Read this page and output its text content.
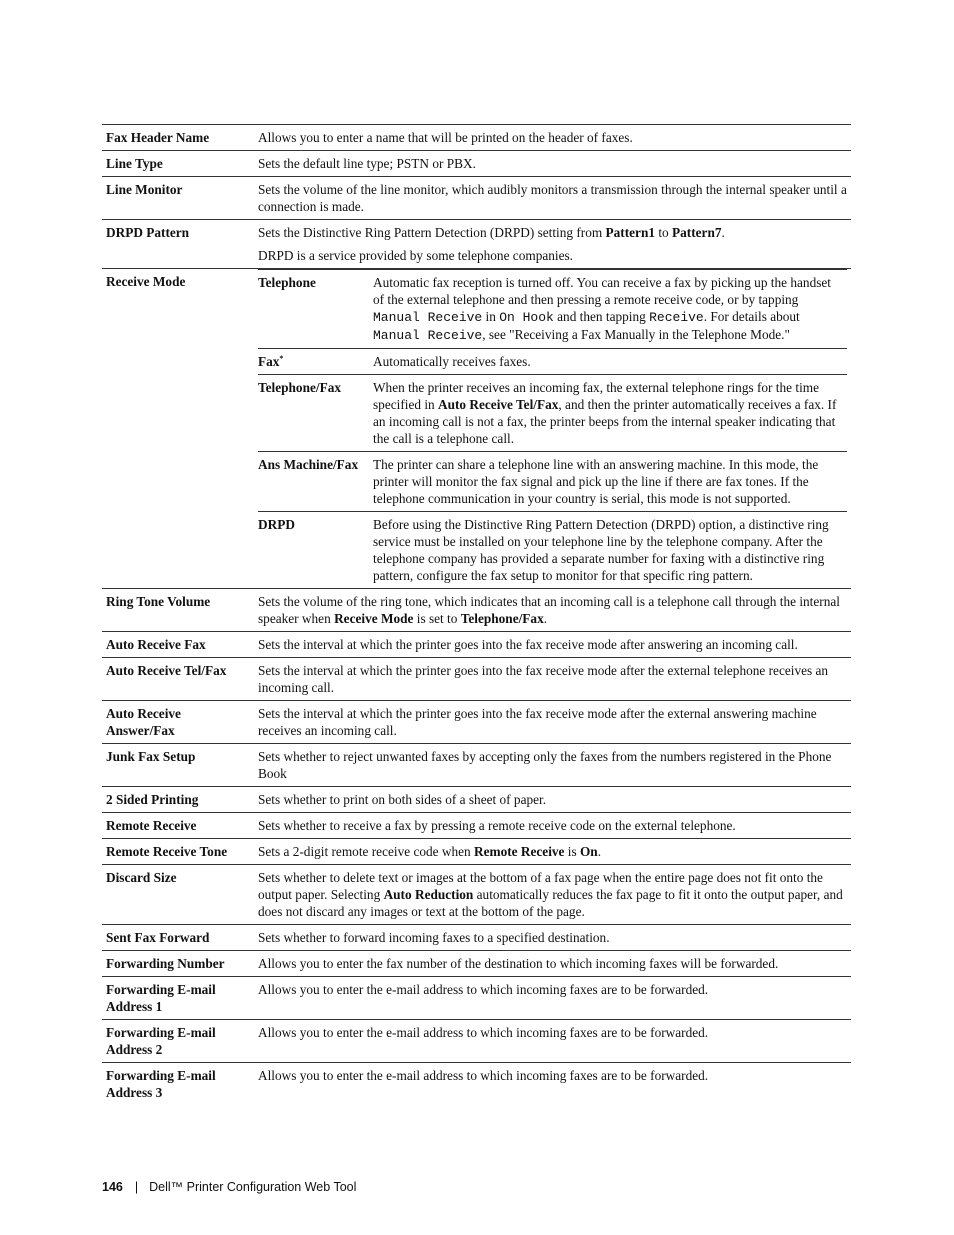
Fax Header Name	Allows you to enter a name that will be printed on the header of faxes.
Line Type	Sets the default line type; PSTN or PBX.
Line Monitor	Sets the volume of the line monitor, which audibly monitors a transmission through the internal speaker until a connection is made.
DRPD Pattern	Sets the Distinctive Ring Pattern Detection (DRPD) setting from Pattern1 to Pattern7.
DRPD is a service provided by some telephone companies.

Receive Mode		Telephone	Automatic fax reception is turned off. You can receive a fax by picking up the handset of the external telephone and then pressing a remote receive code, or by tapping Manual Receive in On Hook and then tapping Receive. For details about Manual Receive, see "Receiving a Fax Manually in the Telephone Mode."
Fax*	Automatically receives faxes.
Telephone/Fax	When the printer receives an incoming fax, the external telephone rings for the time specified in Auto Receive Tel/Fax, and then the printer automatically receives a fax. If an incoming call is not a fax, the printer beeps from the internal speaker indicating that the call is a telephone call.
Ans Machine/Fax	The printer can share a telephone line with an answering machine. In this mode, the printer will monitor the fax signal and pick up the line if there are fax tones. If the telephone communication in your country is serial, this mode is not supported.
DRPD	Before using the Distinctive Ring Pattern Detection (DRPD) option, a distinctive ring service must be installed on your telephone line by the telephone company. After the telephone company has provided a separate number for faxing with a distinctive ring pattern, configure the fax setup to monitor for that specific ring pattern.

Ring Tone Volume	Sets the volume of the ring tone, which indicates that an incoming call is a telephone call through the internal speaker when Receive Mode is set to Telephone/Fax.
Auto Receive Fax	Sets the interval at which the printer goes into the fax receive mode after answering an incoming call.
Auto Receive Tel/Fax	Sets the interval at which the printer goes into the fax receive mode after the external telephone receives an incoming call.
Auto Receive Answer/Fax	Sets the interval at which the printer goes into the fax receive mode after the external answering machine receives an incoming call.
Junk Fax Setup	Sets whether to reject unwanted faxes by accepting only the faxes from the numbers registered in the Phone Book
2 Sided Printing	Sets whether to print on both sides of a sheet of paper.
Remote Receive	Sets whether to receive a fax by pressing a remote receive code on the external telephone.
Remote Receive Tone	Sets a 2-digit remote receive code when Remote Receive is On.
Discard Size	Sets whether to delete text or images at the bottom of a fax page when the entire page does not fit onto the output paper. Selecting Auto Reduction automatically reduces the fax page to fit it onto the output paper, and does not discard any images or text at the bottom of the page.
Sent Fax Forward	Sets whether to forward incoming faxes to a specified destination.
Forwarding Number	Allows you to enter the fax number of the destination to which incoming faxes will be forwarded.
Forwarding E-mail Address 1	Allows you to enter the e-mail address to which incoming faxes are to be forwarded.
Forwarding E-mail Address 2	Allows you to enter the e-mail address to which incoming faxes are to be forwarded.
Forwarding E-mail Address 3	Allows you to enter the e-mail address to which incoming faxes are to be forwarded.
146 | Dell™ Printer Configuration Web Tool
